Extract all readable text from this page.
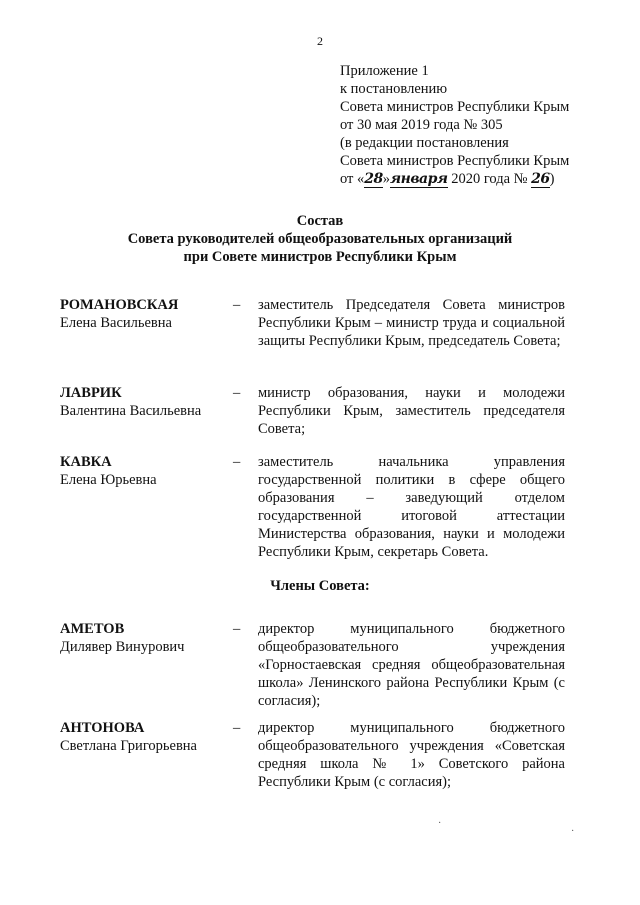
2
Приложение 1
к постановлению
Совета министров Республики Крым
от 30 мая 2019 года № 305
(в редакции постановления
Совета министров Республики Крым
от «28»января 2020 года № 26)
Состав
Совета руководителей общеобразовательных организаций
при Совете министров Республики Крым
РОМАНОВСКАЯ
Елена Васильевна
– заместитель Председателя Совета министров Республики Крым – министр труда и социальной защиты Республики Крым, председатель Совета;
ЛАВРИК
Валентина Васильевна
– министр образования, науки и молодежи Республики Крым, заместитель председателя Совета;
КАВКА
Елена Юрьевна
– заместитель начальника управления государственной политики в сфере общего образования – заведующий отделом государственной итоговой аттестации Министерства образования, науки и молодежи Республики Крым, секретарь Совета.
Члены Совета:
АМЕТОВ
Дилявер Винурович
– директор муниципального бюджетного общеобразовательного учреждения «Горностаевская средняя общеобразовательная школа» Ленинского района Республики Крым (с согласия);
АНТОНОВА
Светлана Григорьевна
– директор муниципального бюджетного общеобразовательного учреждения «Советская средняя школа № 1» Советского района Республики Крым (с согласия);
·
·
